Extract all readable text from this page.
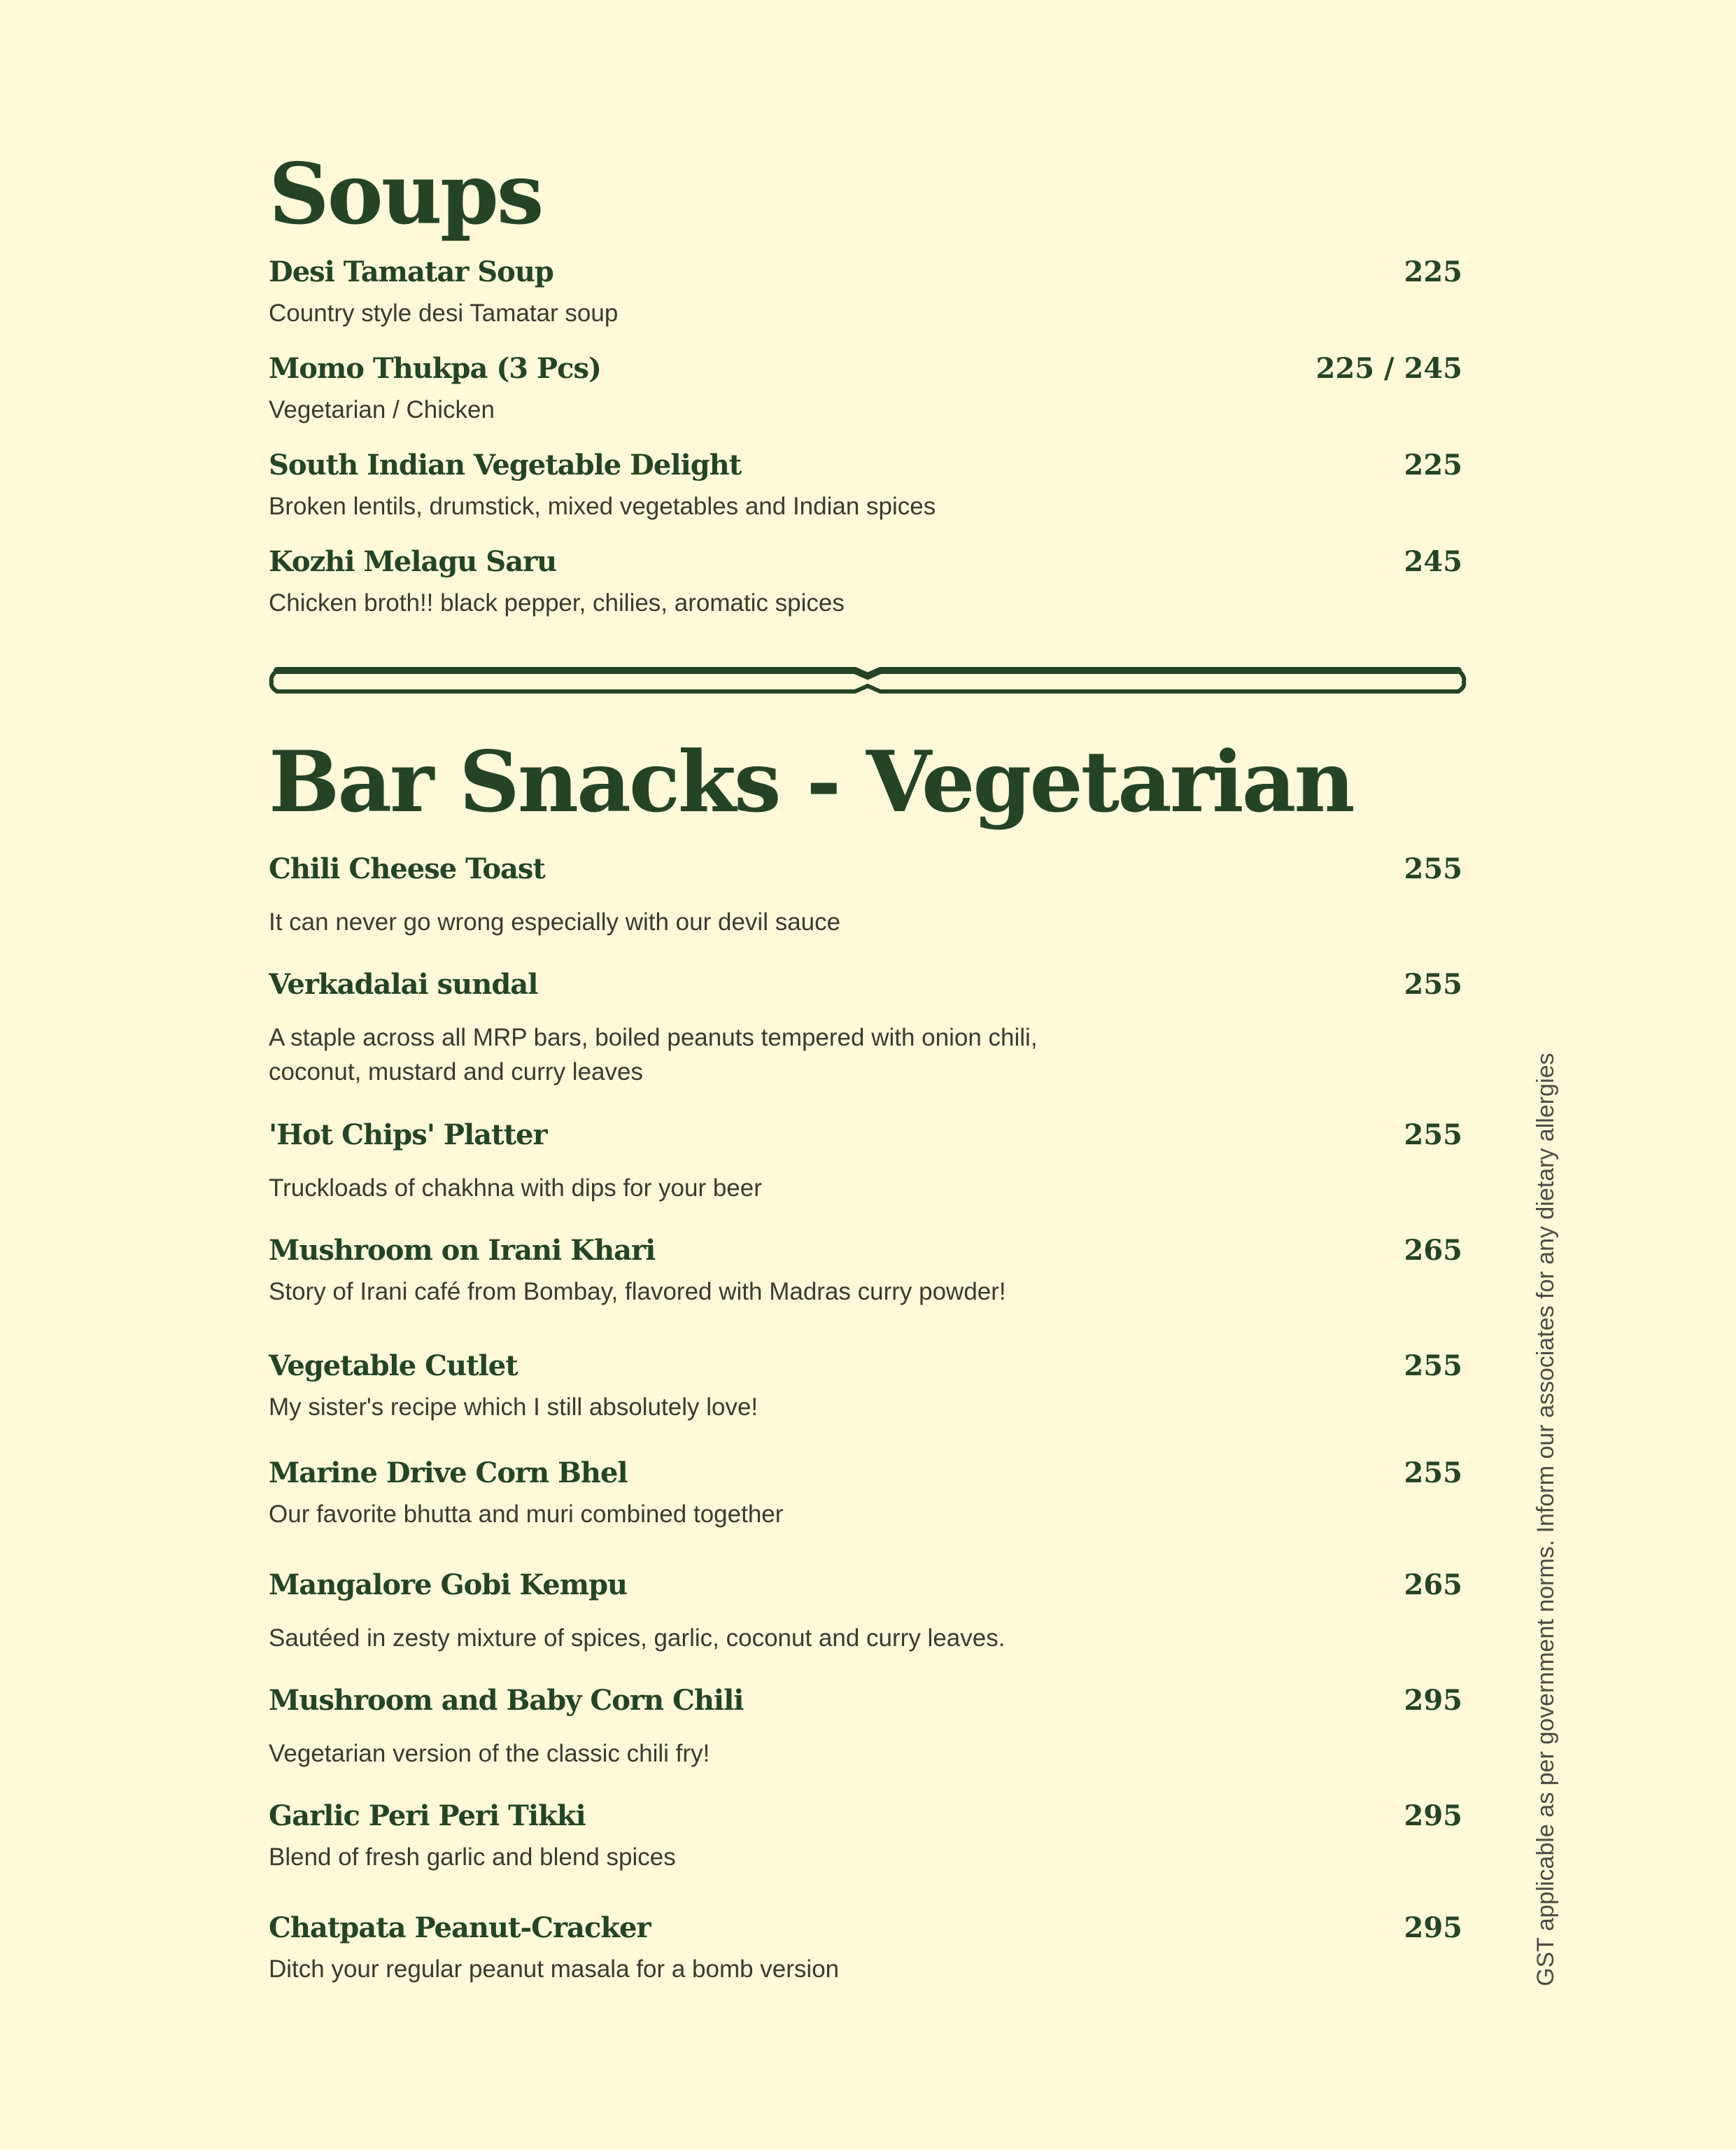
Soups
Desi Tamatar Soup	225
Country style desi Tamatar soup
Momo Thukpa (3 Pcs)	225 / 245
Vegetarian / Chicken
South Indian Vegetable Delight	225
Broken lentils, drumstick, mixed vegetables and Indian spices
Kozhi Melagu Saru	245
Chicken broth!! black pepper, chilies, aromatic spices
Bar Snacks - Vegetarian
Chili Cheese Toast	255
It can never go wrong especially with our devil sauce
Verkadalai sundal	255
A staple across all MRP bars, boiled peanuts tempered with onion chili,
coconut, mustard and curry leaves
'Hot Chips' Platter	255
Truckloads of chakhna with dips for your beer
Mushroom on Irani Khari	265
Story of Irani café from Bombay, flavored with Madras curry powder!
Vegetable Cutlet	255
My sister's recipe which I still absolutely love!
Marine Drive Corn Bhel	255
Our favorite bhutta and muri combined together
Mangalore Gobi Kempu	265
Sautéed in zesty mixture of spices, garlic, coconut and curry leaves.
Mushroom and Baby Corn Chili	295
Vegetarian version of the classic chili fry!
Garlic Peri Peri Tikki	295
Blend of fresh garlic and blend spices
Chatpata Peanut-Cracker	295
Ditch your regular peanut masala for a bomb version	GST applicable as per government norms. Inform our associates for any dietary allergies
